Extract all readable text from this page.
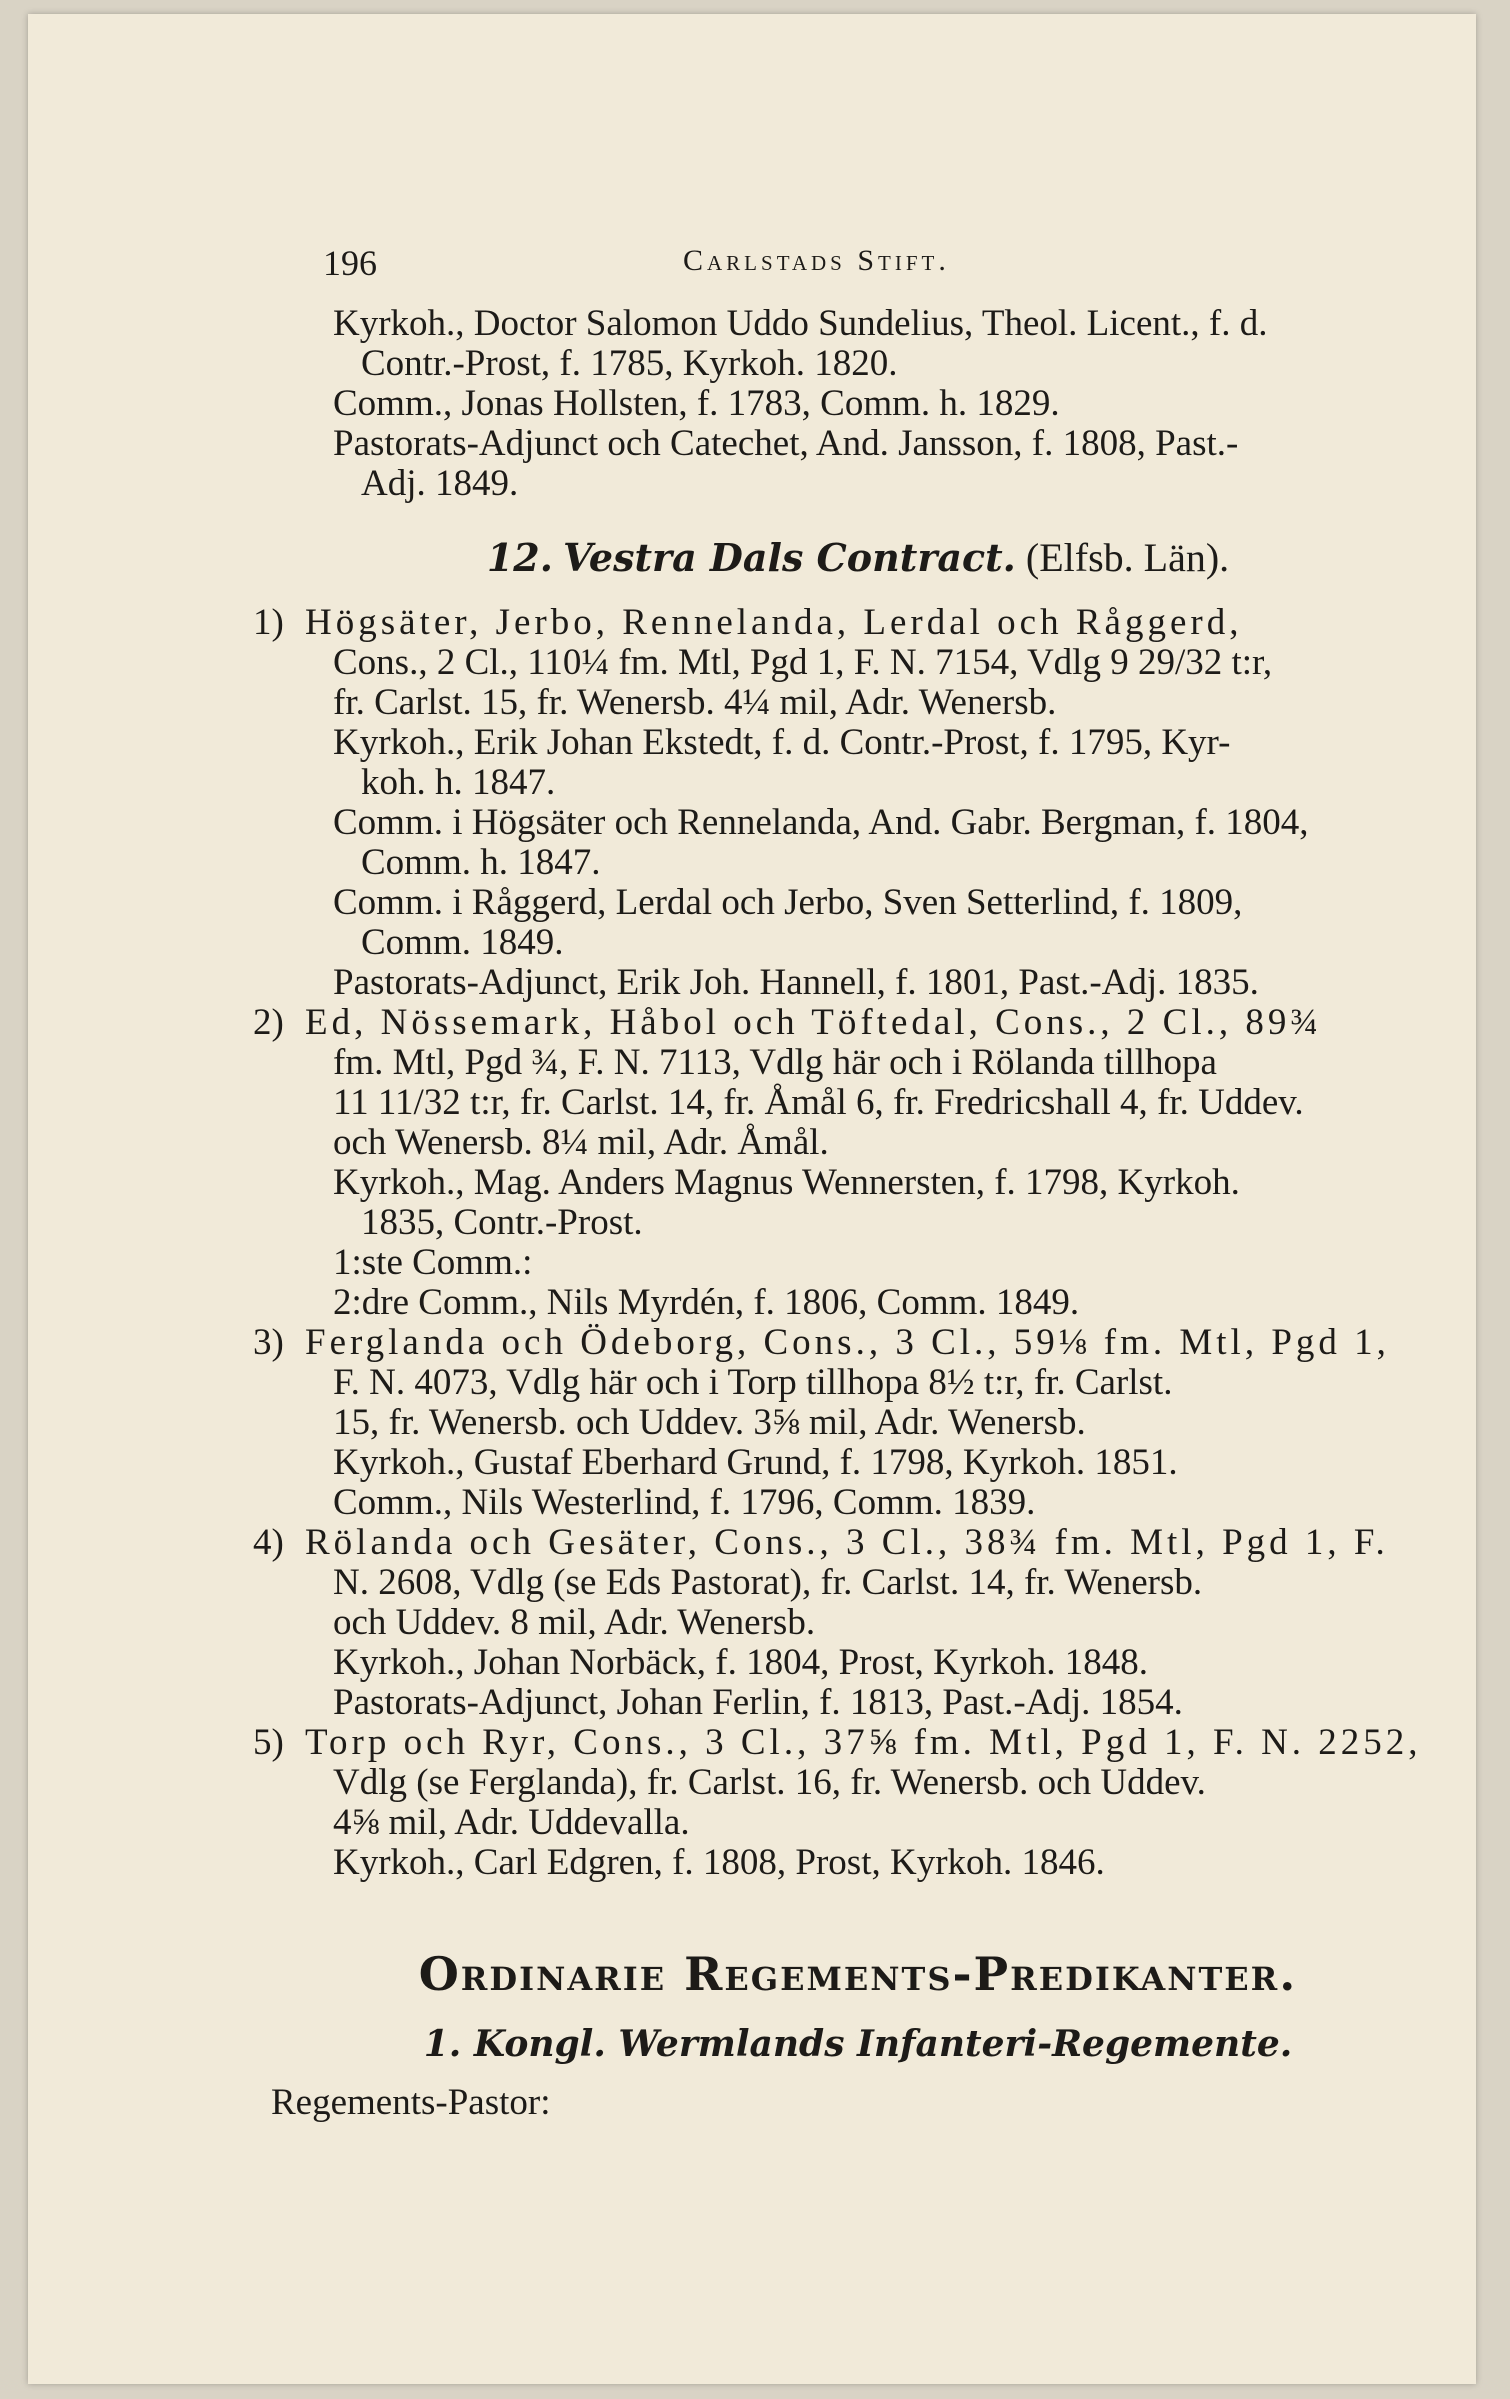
196	Carlstads Stift.
Kyrkoh., Doctor Salomon Uddo Sundelius, Theol. Licent., f. d.
Contr.-Prost, f. 1785, Kyrkoh. 1820.
Comm., Jonas Hollsten, f. 1783, Comm. h. 1829.
Pastorats-Adjunct och Catechet, And. Jansson, f. 1808, Past.-
Adj. 1849.
12. Vestra Dals Contract. (Elfsb. Län).
1) Högsäter, Jerbo, Rennelanda, Lerdal och Råggerd,
Cons., 2 Cl., 110¼ fm. Mtl, Pgd 1, F. N. 7154, Vdlg 9 29/32 t:r,
fr. Carlst. 15, fr. Wenersb. 4¼ mil, Adr. Wenersb.
Kyrkoh., Erik Johan Ekstedt, f. d. Contr.-Prost, f. 1795, Kyr-
koh. h. 1847.
Comm. i Högsäter och Rennelanda, And. Gabr. Bergman, f. 1804,
Comm. h. 1847.
Comm. i Råggerd, Lerdal och Jerbo, Sven Setterlind, f. 1809,
Comm. 1849.
Pastorats-Adjunct, Erik Joh. Hannell, f. 1801, Past.-Adj. 1835.
2) Ed, Nössemark, Håbol och Töftedal, Cons., 2 Cl., 89¾
fm. Mtl, Pgd ¾, F. N. 7113, Vdlg här och i Rölanda tillhopa
11 11/32 t:r, fr. Carlst. 14, fr. Åmål 6, fr. Fredricshall 4, fr. Uddev.
och Wenersb. 8¼ mil, Adr. Åmål.
Kyrkoh., Mag. Anders Magnus Wennersten, f. 1798, Kyrkoh.
1835, Contr.-Prost.
1:ste Comm.:
2:dre Comm., Nils Myrdén, f. 1806, Comm. 1849.
3) Ferglanda och Ödeborg, Cons., 3 Cl., 59⅛ fm. Mtl, Pgd 1,
F. N. 4073, Vdlg här och i Torp tillhopa 8½ t:r, fr. Carlst.
15, fr. Wenersb. och Uddev. 3⅝ mil, Adr. Wenersb.
Kyrkoh., Gustaf Eberhard Grund, f. 1798, Kyrkoh. 1851.
Comm., Nils Westerlind, f. 1796, Comm. 1839.
4) Rölanda och Gesäter, Cons., 3 Cl., 38¾ fm. Mtl, Pgd 1, F.
N. 2608, Vdlg (se Eds Pastorat), fr. Carlst. 14, fr. Wenersb.
och Uddev. 8 mil, Adr. Wenersb.
Kyrkoh., Johan Norbäck, f. 1804, Prost, Kyrkoh. 1848.
Pastorats-Adjunct, Johan Ferlin, f. 1813, Past.-Adj. 1854.
5) Torp och Ryr, Cons., 3 Cl., 37⅝ fm. Mtl, Pgd 1, F. N. 2252,
Vdlg (se Ferglanda), fr. Carlst. 16, fr. Wenersb. och Uddev.
4⅝ mil, Adr. Uddevalla.
Kyrkoh., Carl Edgren, f. 1808, Prost, Kyrkoh. 1846.
Ordinarie Regements-Predikanter.
1. Kongl. Wermlands Infanteri-Regemente.
Regements-Pastor:
